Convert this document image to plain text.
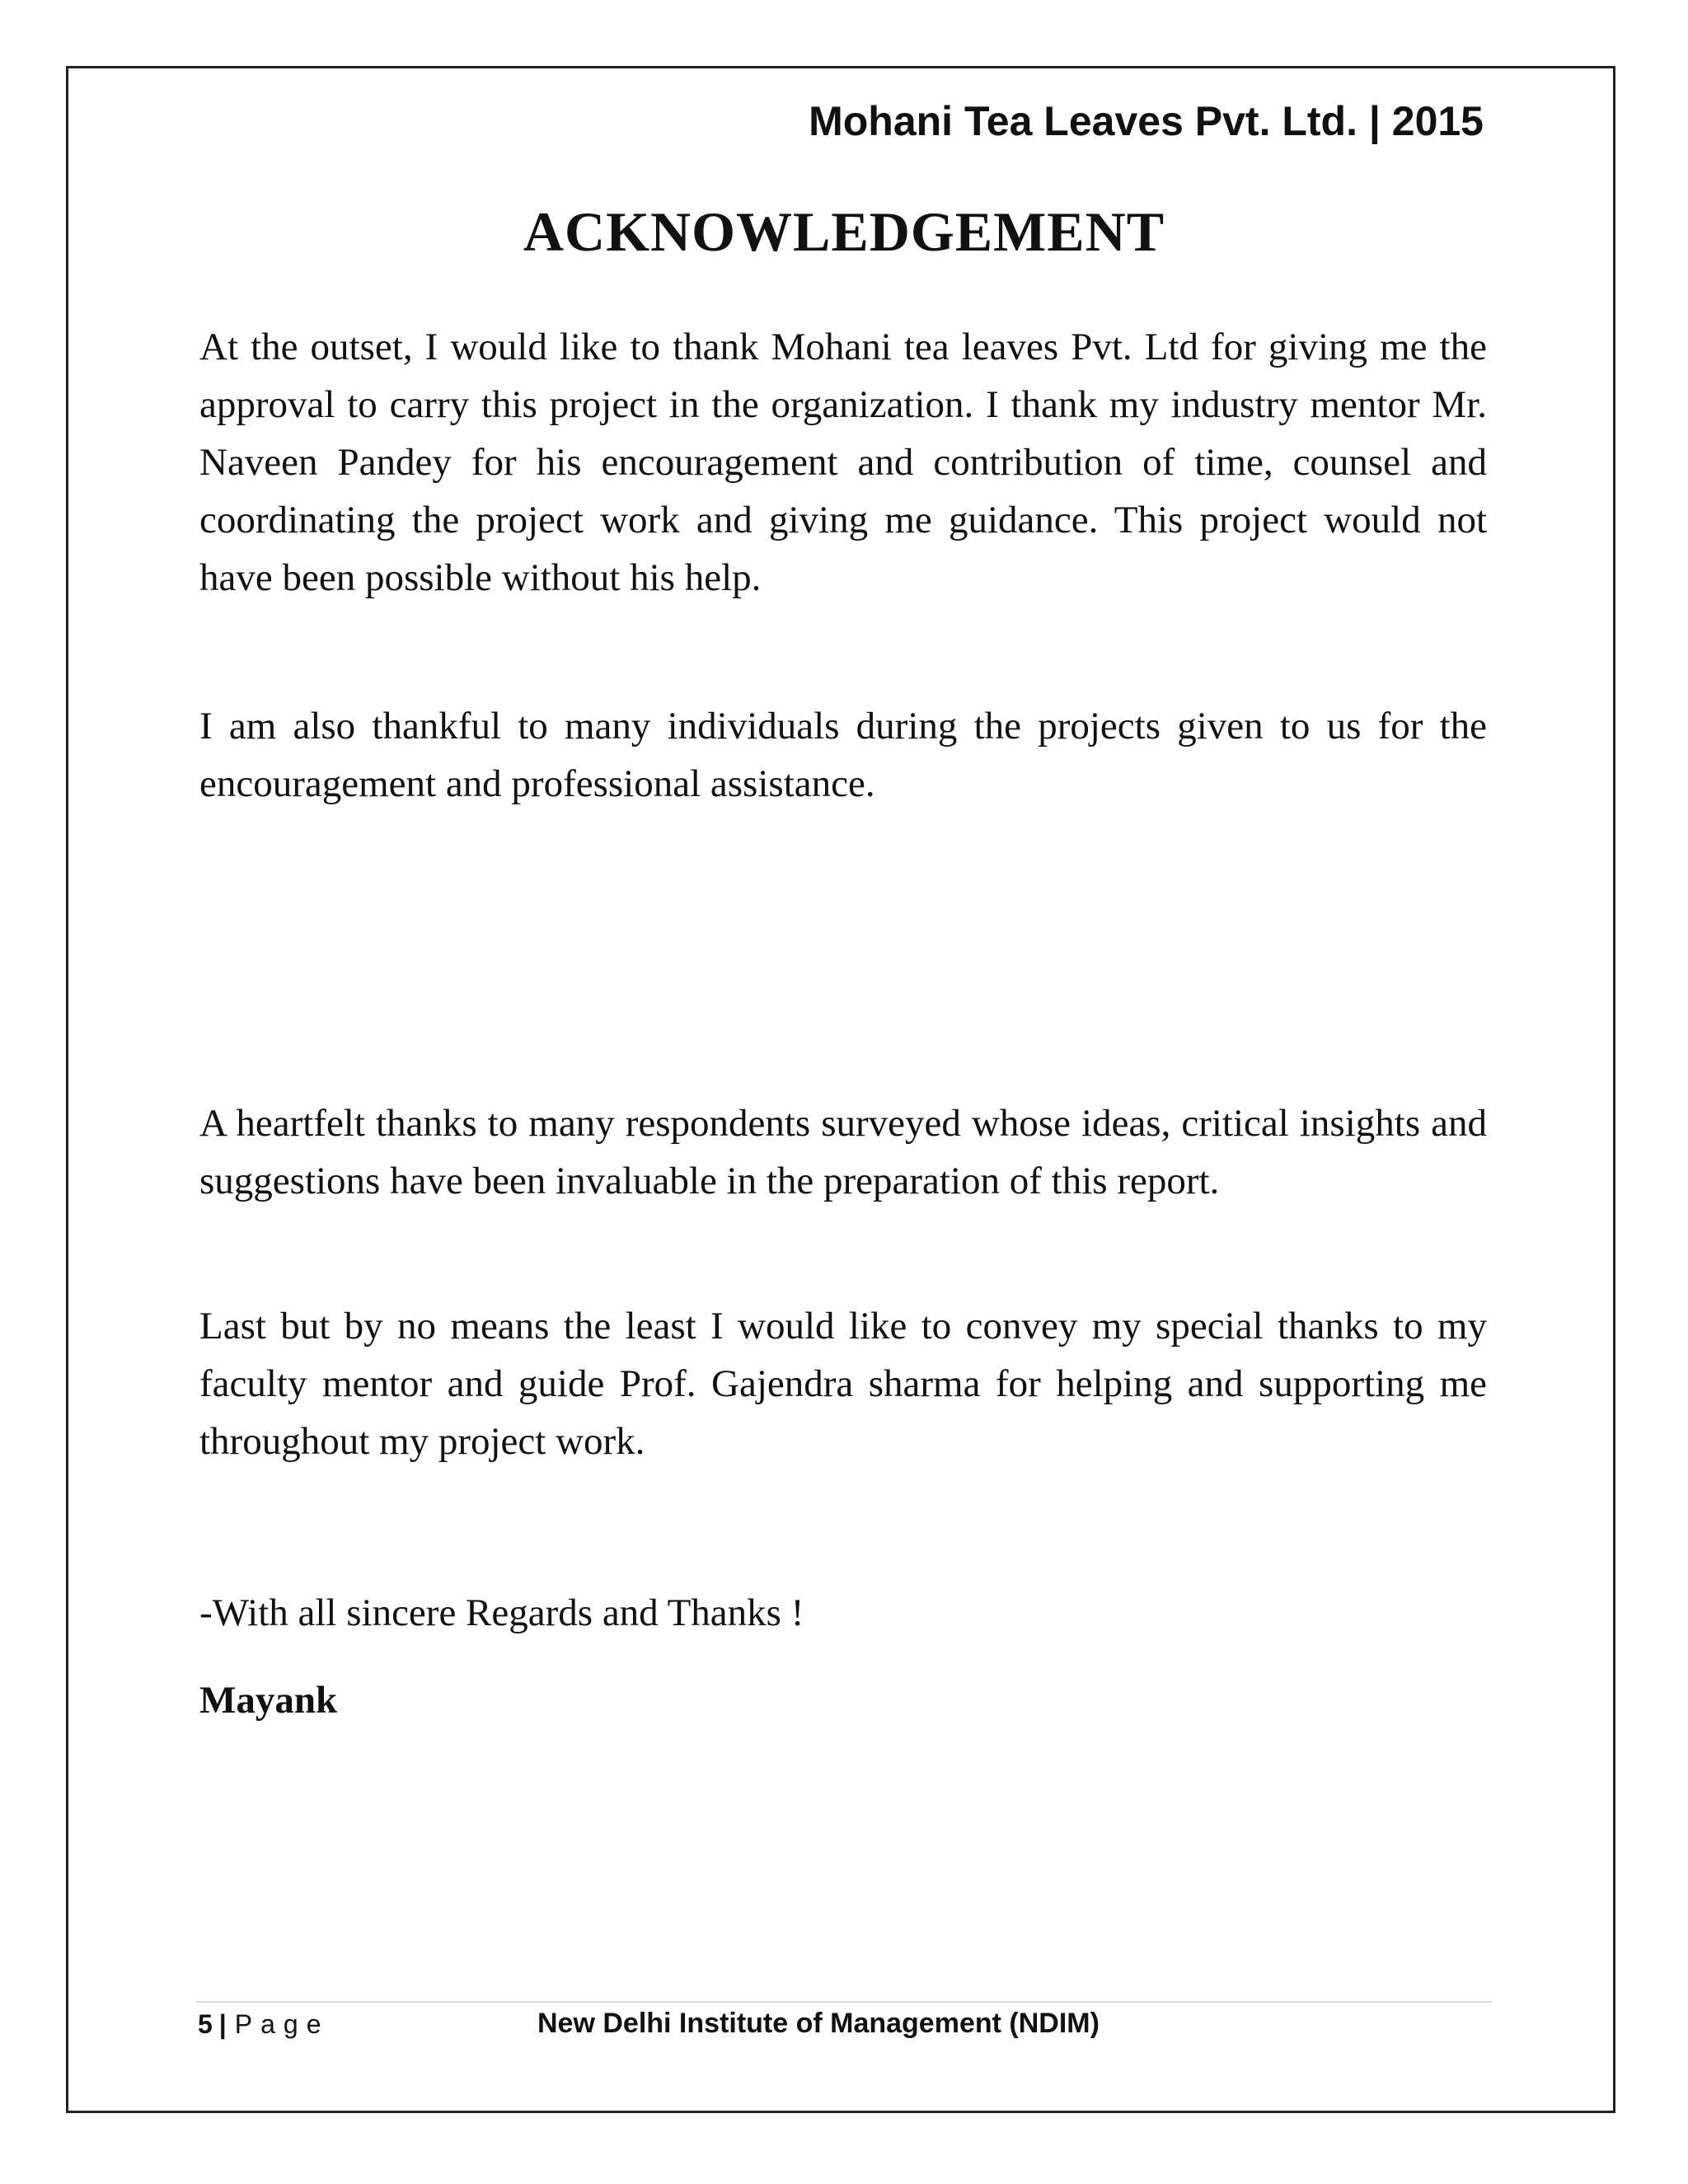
Mohani Tea Leaves Pvt. Ltd. | 2015
ACKNOWLEDGEMENT

At the outset, I would like to thank Mohani tea leaves Pvt. Ltd for giving me the approval to carry this project in the organization. I thank my industry mentor Mr. Naveen Pandey for his encouragement and contribution of time, counsel and coordinating the project work and giving me guidance. This project would not have been possible without his help.

I am also thankful to many individuals during the projects given to us for the encouragement and professional assistance.

A heartfelt thanks to many respondents surveyed whose ideas, critical insights and suggestions have been invaluable in the preparation of this report.

Last but by no means the least I would like to convey my special thanks to my faculty mentor and guide Prof. Gajendra sharma for helping and supporting me throughout my project work.

-With all sincere Regards and Thanks !
Mayank
5 | Page	New Delhi Institute of Management (NDIM)
